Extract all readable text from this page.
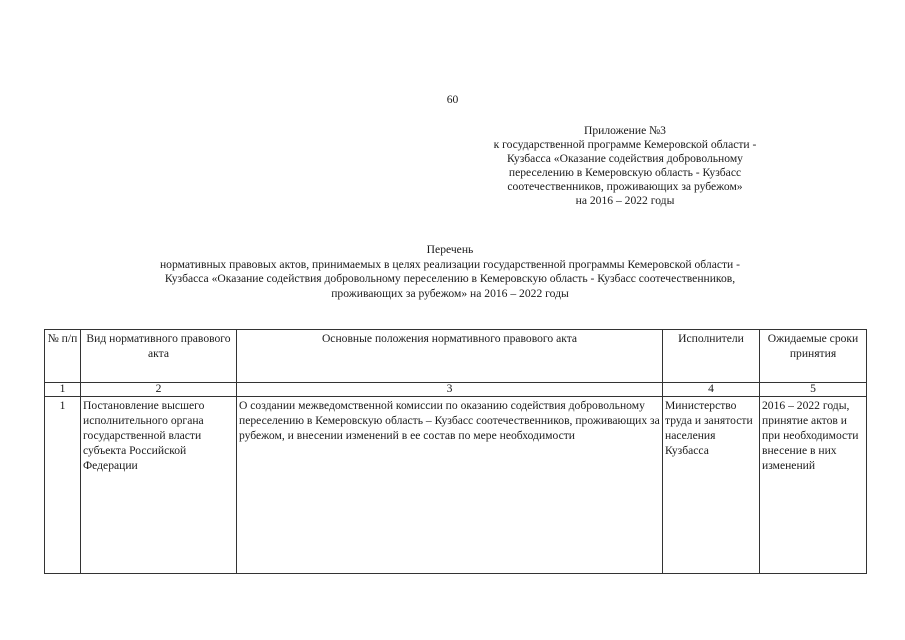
60
Приложение №3
к государственной программе Кемеровской области -
Кузбасса «Оказание содействия добровольному
переселению в Кемеровскую область - Кузбасс
соотечественников, проживающих за рубежом»
на 2016 – 2022 годы
Перечень
нормативных правовых актов, принимаемых в целях реализации государственной программы Кемеровской области -
Кузбасса «Оказание содействия добровольному переселению в Кемеровскую область - Кузбасс соотечественников,
проживающих за рубежом» на 2016 – 2022 годы
№ п/п	Вид нормативного правового акта	Основные положения нормативного правового акта	Исполнители	Ожидаемые сроки принятия
1	2	3	4	5
1	Постановление высшего исполнительного органа государственной власти субъекта Российской Федерации	О создании межведомственной комиссии по оказанию содействия добровольному переселению в Кемеровскую область – Кузбасс соотечественников, проживающих за рубежом, и внесении изменений в ее состав по мере необходимости	Министерство труда и занятости населения Кузбасса	2016 – 2022 годы, принятие актов и при необходимости внесение в них изменений
